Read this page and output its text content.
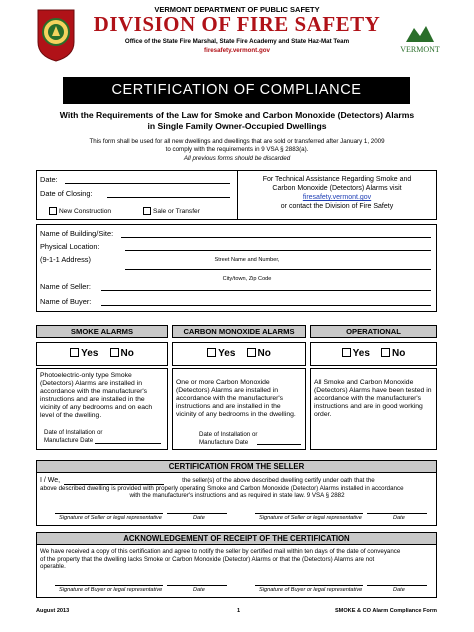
VERMONT DEPARTMENT OF PUBLIC SAFETY
DIVISION OF FIRE SAFETY
Office of the State Fire Marshal, State Fire Academy and State Haz-Mat Team
firesafety.vermont.gov	VERMONT
CERTIFICATION OF COMPLIANCE
With the Requirements of the Law for Smoke and Carbon Monoxide (Detectors) Alarms
in Single Family Owner-Occupied Dwellings
This form shall be used for all new dwellings and dwellings that are sold or transferred after January 1, 2009
to comply with the requirements in 9 VSA § 2883(a).
All previous forms should be discarded
Date:
Date of Closing:
New Construction	Sale or Transfer
For Technical Assistance Regarding Smoke and
Carbon Monoxide (Detectors) Alarms visit
firesafety.vermont.gov
or contact the Division of Fire Safety
Name of Building/Site:
Physical Location:
(9-1-1 Address)	Street Name and Number,
City/town, Zip Code
Name of Seller:
Name of Buyer:
SMOKE ALARMS	CARBON MONOXIDE ALARMS	OPERATIONAL
Yes No	Yes No	Yes No
Photoelectric-only type Smoke (Detectors) Alarms are installed in accordance with the manufacturer's instructions and are installed in the vicinity of any bedrooms and on each level of the dwelling.
Date of Installation or
Manufacture Date
One or more Carbon Monoxide (Detectors) Alarms are installed in accordance with the manufacturer's instructions and are installed in the vicinity of any bedrooms in the dwelling.
Date of Installation or
Manufacture Date
All Smoke and Carbon Monoxide (Detectors) Alarms have been tested in accordance with the manufacturer's instructions and are in good working order.
CERTIFICATION FROM THE SELLER
I / We,	the seller(s) of the above described dwelling certify under oath that the
above described dwelling is provided with properly operating Smoke and Carbon Monoxide (Detector) Alarms installed in accordance
with the manufacturer's instructions and as required in state law. 9 VSA § 2882
Signature of Seller or legal representative	Date	Signature of Seller or legal representative	Date
ACKNOWLEDGEMENT OF RECEIPT OF THE CERTIFICATION
We have received a copy of this certification and agree to notify the seller by certified mail within ten days of the date of conveyance
of the property that the dwelling lacks Smoke or Carbon Monoxide (Detector) Alarms or that the (Detectors) Alarms are not
operable.
Signature of Buyer or legal representative	Date	Signature of Buyer or legal representative	Date
August 2013	1	SMOKE & CO Alarm Compliance Form
